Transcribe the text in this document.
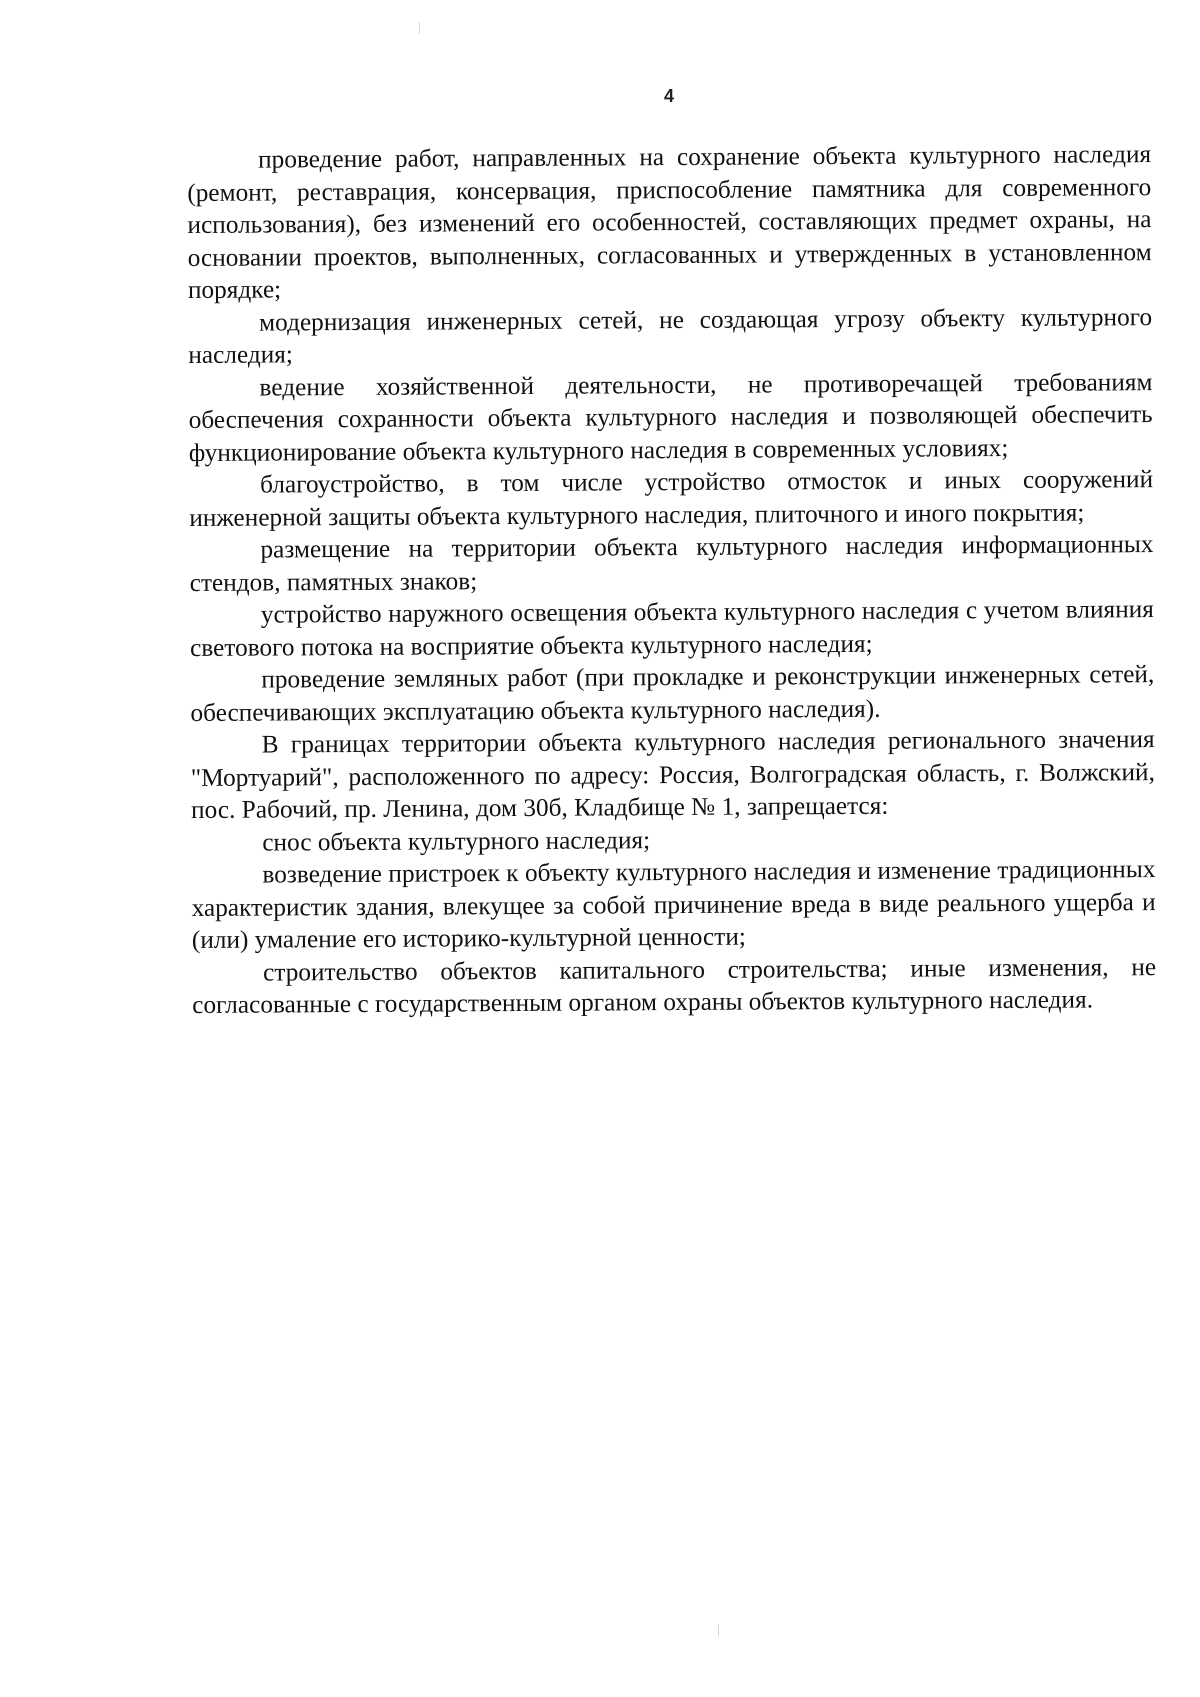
4

проведение работ, направленных на сохранение объекта культурного наследия (ремонт, реставрация, консервация, приспособление памятника для современного использования), без изменений его особенностей, составляющих предмет охраны, на основании проектов, выполненных, согласованных и утвержденных в установленном порядке;

модернизация инженерных сетей, не создающая угрозу объекту культурного наследия;

ведение хозяйственной деятельности, не противоречащей требованиям обеспечения сохранности объекта культурного наследия и позволяющей обеспечить функционирование объекта культурного наследия в современных условиях;

благоустройство, в том числе устройство отмосток и иных сооружений инженерной защиты объекта культурного наследия, плиточного и иного покрытия;

размещение на территории объекта культурного наследия информационных стендов, памятных знаков;

устройство наружного освещения объекта культурного наследия с учетом влияния светового потока на восприятие объекта культурного наследия;

проведение земляных работ (при прокладке и реконструкции инженерных сетей, обеспечивающих эксплуатацию объекта культурного наследия).

В границах территории объекта культурного наследия регионального значения "Мортуарий", расположенного по адресу: Россия, Волгоградская область, г. Волжский, пос. Рабочий, пр. Ленина, дом 30б, Кладбище № 1, запрещается:

снос объекта культурного наследия;

возведение пристроек к объекту культурного наследия и изменение традиционных характеристик здания, влекущее за собой причинение вреда в виде реального ущерба и (или) умаление его историко-культурной ценности;

строительство объектов капитального строительства; иные изменения, не согласованные с государственным органом охраны объектов культурного наследия.
